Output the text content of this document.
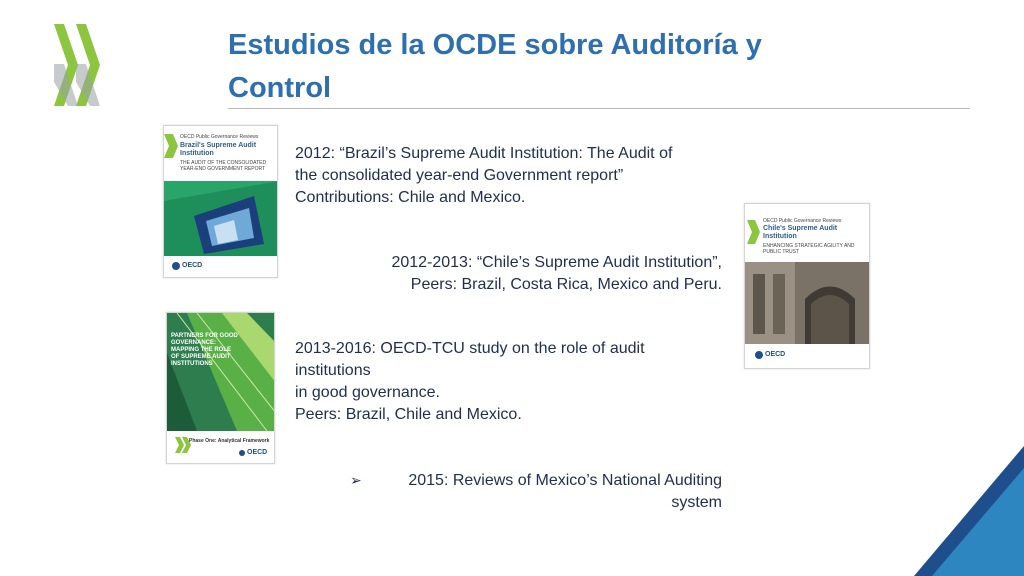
Estudios de la OCDE sobre Auditoría y Control
OECD Public Governance Reviews
Brazil's Supreme Audit Institution
THE AUDIT OF THE CONSOLIDATED YEAR-END GOVERNMENT REPORT
OECD
PARTNERS FOR GOOD GOVERNANCE: MAPPING THE ROLE OF SUPREME AUDIT INSTITUTIONS
Phase One: Analytical Framework
OECD
OECD Public Governance Reviews
Chile's Supreme Audit Institution
ENHANCING STRATEGIC AGILITY AND PUBLIC TRUST
OECD

2012: “Brazil’s Supreme Audit Institution: The Audit of
the consolidated year-end Government report”
Contributions: Chile and Mexico.

2012-2013: “Chile’s Supreme Audit Institution”,
Peers: Brazil, Costa Rica, Mexico and Peru.

2013-2016: OECD-TCU study on the role of audit
institutions
in good governance.
Peers: Brazil, Chile and Mexico.

➢	2015: Reviews of Mexico’s National Auditing
system
